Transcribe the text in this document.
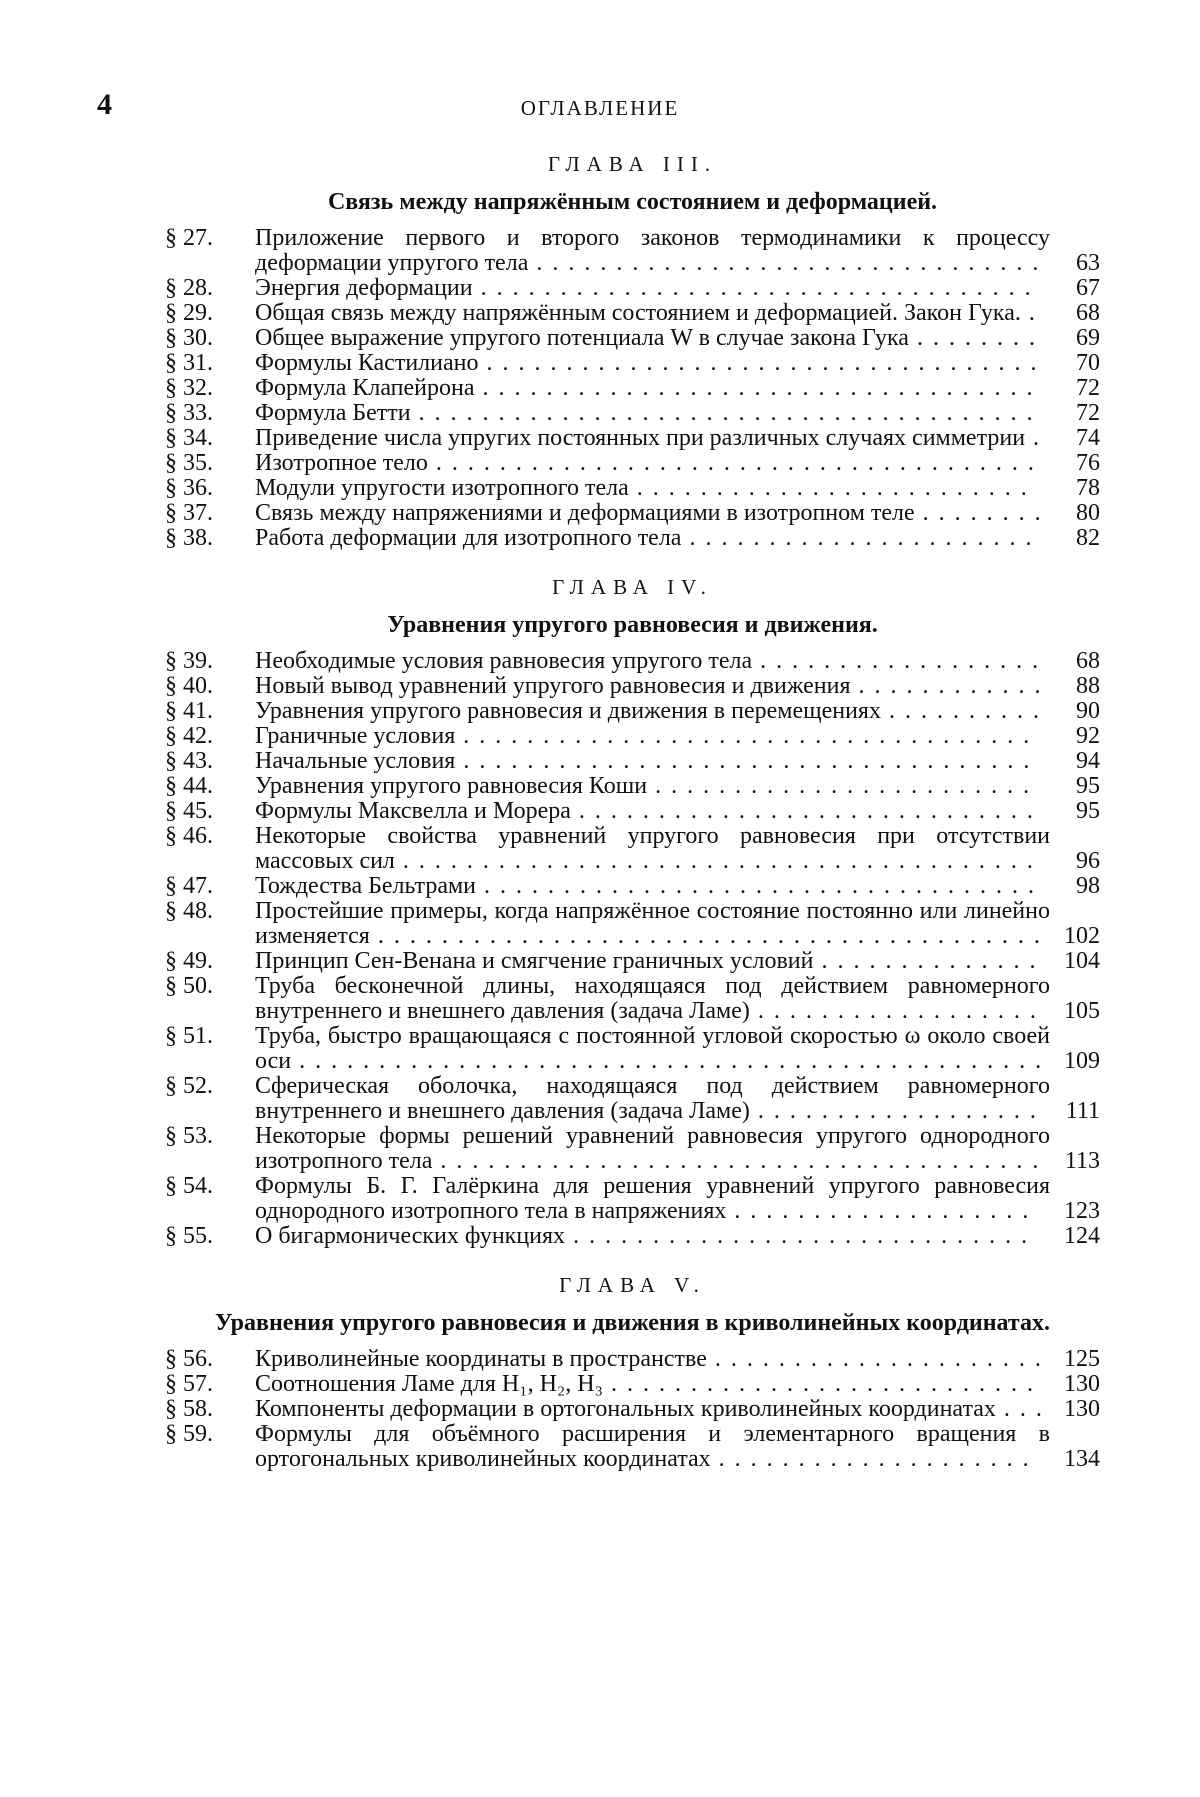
4	ОГЛАВЛЕНИЕ
ГЛАВА III.
Связь между напряжённым состоянием и деформацией.
§ 27.	Приложение первого и второго законов термодинамики к процессу деформации упругого тела . . . . . . . . . . . . . . . . . . . . . . . . . . . . . . . .	63
§ 28.	Энергия деформации . . . . . . . . . . . . . . . . . . . . . . . . . . . . . . . . . . .	67
§ 29.	Общая связь между напряжённым состоянием и деформацией. Закон Гука. .	68
§ 30.	Общее выражение упругого потенциала W в случае закона Гука . . . . . . . .	69
§ 31.	Формулы Кастилиано . . . . . . . . . . . . . . . . . . . . . . . . . . . . . . . . . . .	70
§ 32.	Формула Клапейрона . . . . . . . . . . . . . . . . . . . . . . . . . . . . . . . . . . .	72
§ 33.	Формула Бетти . . . . . . . . . . . . . . . . . . . . . . . . . . . . . . . . . . . . . . .	72
§ 34.	Приведение числа упругих постоянных при различных случаях симметрии .	74
§ 35.	Изотропное тело . . . . . . . . . . . . . . . . . . . . . . . . . . . . . . . . . . . . . .	76
§ 36.	Модули упругости изотропного тела . . . . . . . . . . . . . . . . . . . . . . . . .	78
§ 37.	Связь между напряжениями и деформациями в изотропном теле . . . . . . . .	80
§ 38.	Работа деформации для изотропного тела . . . . . . . . . . . . . . . . . . . . . .	82
ГЛАВА IV.
Уравнения упругого равновесия и движения.
§ 39.	Необходимые условия равновесия упругого тела . . . . . . . . . . . . . . . . . .	68
§ 40.	Новый вывод уравнений упругого равновесия и движения . . . . . . . . . . . .	88
§ 41.	Уравнения упругого равновесия и движения в перемещениях . . . . . . . . . .	90
§ 42.	Граничные условия . . . . . . . . . . . . . . . . . . . . . . . . . . . . . . . . . . . .	92
§ 43.	Начальные условия . . . . . . . . . . . . . . . . . . . . . . . . . . . . . . . . . . . .	94
§ 44.	Уравнения упругого равновесия Коши . . . . . . . . . . . . . . . . . . . . . . . .	95
§ 45.	Формулы Максвелла и Морера . . . . . . . . . . . . . . . . . . . . . . . . . . . . .	95
§ 46.	Некоторые свойства уравнений упругого равновесия при отсутствии массовых сил . . . . . . . . . . . . . . . . . . . . . . . . . . . . . . . . . . . . . . . .	96
§ 47.	Тождества Бельтрами . . . . . . . . . . . . . . . . . . . . . . . . . . . . . . . . . . .	98
§ 48.	Простейшие примеры, когда напряжённое состояние постоянно или линейно изменяется . . . . . . . . . . . . . . . . . . . . . . . . . . . . . . . . . . . . . . . . . . 102
§ 49.	Принцип Сен-Венана и смягчение граничных условий . . . . . . . . . . . . . .	104
§ 50.	Труба бесконечной длины, находящаяся под действием равномерного внутреннего и внешнего давления (задача Ламе) . . . . . . . . . . . . . . . . . .	105
§ 51.	Труба, быстро вращающаяся с постоянной угловой скоростью ω около своей оси . . . . . . . . . . . . . . . . . . . . . . . . . . . . . . . . . . . . . . . . . . . . . . . 109
§ 52.	Сферическая оболочка, находящаяся под действием равномерного внутреннего и внешнего давления (задача Ламе) . . . . . . . . . . . . . . . . . .	111
§ 53.	Некоторые формы решений уравнений равновесия упругого однородного изотропного тела . . . . . . . . . . . . . . . . . . . . . . . . . . . . . . . . . . . . . .	113
§ 54.	Формулы Б. Г. Галёркина для решения уравнений упругого равновесия однородного изотропного тела в напряжениях . . . . . . . . . . . . . . . . . . .	123
§ 55.	О бигармонических функциях . . . . . . . . . . . . . . . . . . . . . . . . . . . . .	124
ГЛАВА V.
Уравнения упругого равновесия и движения в криволинейных координатах.
§ 56.	Криволинейные координаты в пространстве . . . . . . . . . . . . . . . . . . . . . 125
§ 57.	Соотношения Ламе для H₁, H₂, H₃ . . . . . . . . . . . . . . . . . . . . . . . . . . .	130
§ 58.	Компоненты деформации в ортогональных криволинейных координатах . . . 130
§ 59.	Формулы для объёмного расширения и элементарного вращения в ортогональных криволинейных координатах . . . . . . . . . . . . . . . . . . . .	134
